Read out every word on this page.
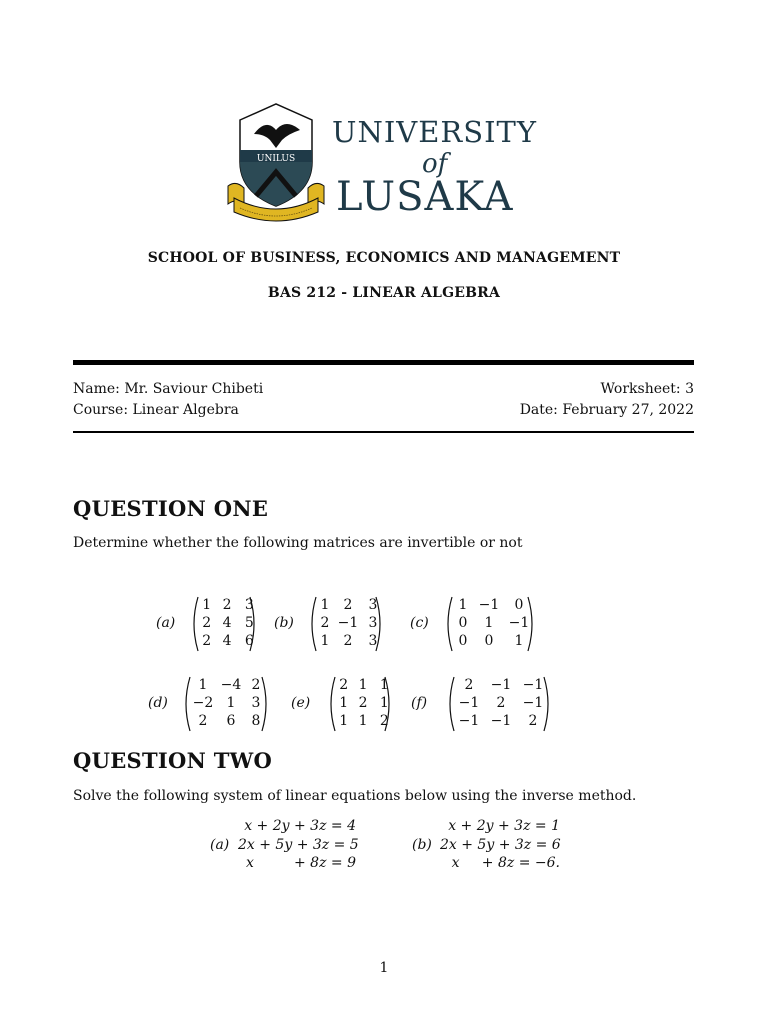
UNILUS
UNIVERSITY
of
LUSAKA
SCHOOL OF BUSINESS, ECONOMICS AND MANAGEMENT
BAS 212 - LINEAR ALGEBRA
Name: Mr. Saviour Chibeti
Course: Linear Algebra
Worksheet: 3
Date: February 27, 2022
QUESTION ONE
Determine whether the following matrices are invertible or not
(a)
1	2	3
2	4	5
2	4	6
(b)
1	2	3
2	−1	3
1	2	3
(c)
1	−1	0
0	1	−1
0	0	1
(d)
1	−4	2
−2	1	3
2	6	8
(e)
2	1	1
1	2	1
1	1	2
(f)
2	−1	−1
−1	2	−1
−1	−1	2
QUESTION TWO
Solve the following system of linear equations below using the inverse method.
(a)
x + 2y + 3z = 4
2x + 5y + 3z = 5
x         + 8z = 9
(b)
x + 2y + 3z = 1
2x + 5y + 3z = 6
x     + 8z = −6.
1
